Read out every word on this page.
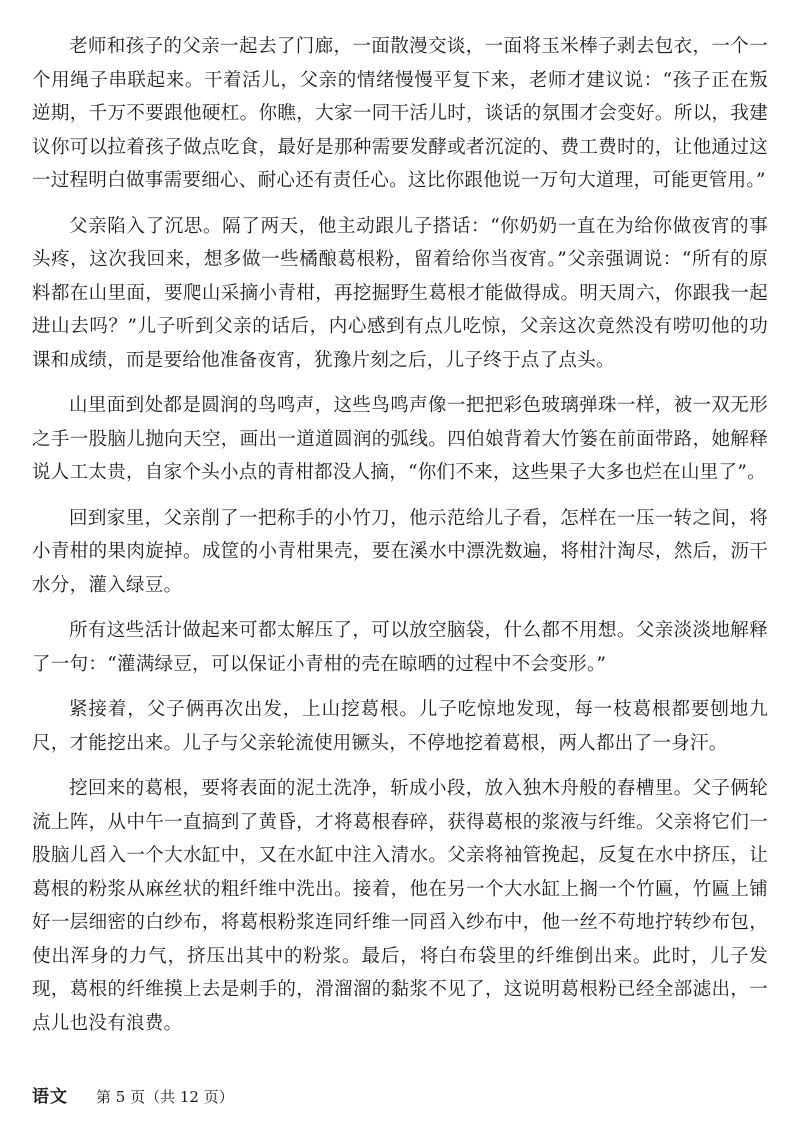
老师和孩子的父亲一起去了门廊，一面散漫交谈，一面将玉米棒子剥去包衣，一个一个用绳子串联起来。干着活儿，父亲的情绪慢慢平复下来，老师才建议说：“孩子正在叛逆期，千万不要跟他硬杠。你瞧，大家一同干活儿时，谈话的氛围才会变好。所以，我建议你可以拉着孩子做点吃食，最好是那种需要发酵或者沉淀的、费工费时的，让他通过这一过程明白做事需要细心、耐心还有责任心。这比你跟他说一万句大道理，可能更管用。”

父亲陷入了沉思。隔了两天，他主动跟儿子搭话：“你奶奶一直在为给你做夜宵的事头疼，这次我回来，想多做一些橘酿葛根粉，留着给你当夜宵。”父亲强调说：“所有的原料都在山里面，要爬山采摘小青柑，再挖掘野生葛根才能做得成。明天周六，你跟我一起进山去吗？”儿子听到父亲的话后，内心感到有点儿吃惊，父亲这次竟然没有唠叨他的功课和成绩，而是要给他准备夜宵，犹豫片刻之后，儿子终于点了点头。

山里面到处都是圆润的鸟鸣声，这些鸟鸣声像一把把彩色玻璃弹珠一样，被一双无形之手一股脑儿抛向天空，画出一道道圆润的弧线。四伯娘背着大竹篓在前面带路，她解释说人工太贵，自家个头小点的青柑都没人摘，“你们不来，这些果子大多也烂在山里了”。

回到家里，父亲削了一把称手的小竹刀，他示范给儿子看，怎样在一压一转之间，将小青柑的果肉旋掉。成筐的小青柑果壳，要在溪水中漂洗数遍，将柑汁淘尽，然后，沥干水分，灌入绿豆。

所有这些活计做起来可都太解压了，可以放空脑袋，什么都不用想。父亲淡淡地解释了一句：“灌满绿豆，可以保证小青柑的壳在晾晒的过程中不会变形。”

紧接着，父子俩再次出发，上山挖葛根。儿子吃惊地发现，每一枝葛根都要刨地九尺，才能挖出来。儿子与父亲轮流使用镢头，不停地挖着葛根，两人都出了一身汗。

挖回来的葛根，要将表面的泥土洗净，斩成小段，放入独木舟般的舂槽里。父子俩轮流上阵，从中午一直搞到了黄昏，才将葛根舂碎，获得葛根的浆液与纤维。父亲将它们一股脑儿舀入一个大水缸中，又在水缸中注入清水。父亲将袖管挽起，反复在水中挤压，让葛根的粉浆从麻丝状的粗纤维中洗出。接着，他在另一个大水缸上搁一个竹匾，竹匾上铺好一层细密的白纱布，将葛根粉浆连同纤维一同舀入纱布中，他一丝不苟地拧转纱布包，使出浑身的力气，挤压出其中的粉浆。最后，将白布袋里的纤维倒出来。此时，儿子发现，葛根的纤维摸上去是刺手的，滑溜溜的黏浆不见了，这说明葛根粉已经全部滤出，一点儿也没有浪费。

语文 第 5 页（共 12 页）
